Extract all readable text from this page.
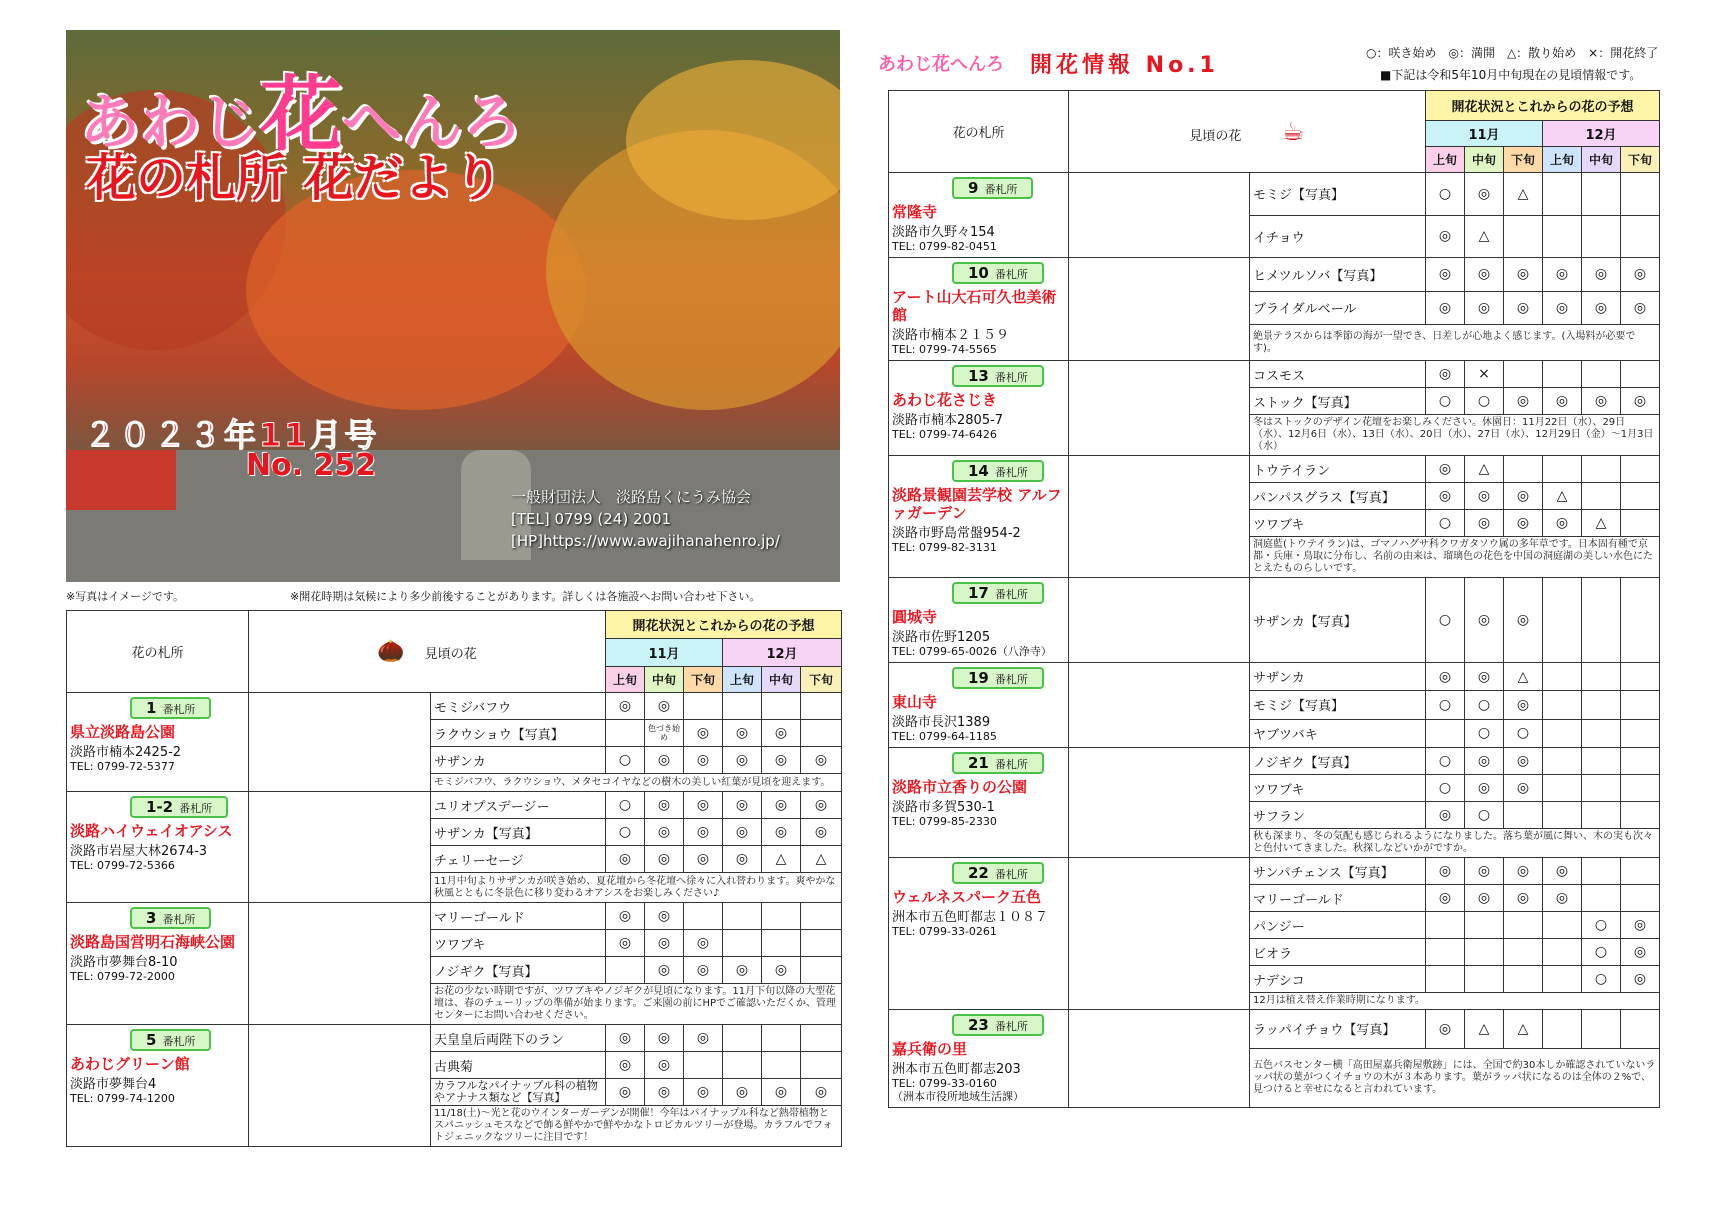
あわじ花へんろ
花の札所 花だより
２０２３年11月号
No. 252
一般財団法人　淡路島くにうみ協会
[TEL] 0799 (24) 2001
[HP]https://www.awajihanahenro.jp/
※写真はイメージです。	※開花時期は気候により多少前後することがあります。詳しくは各施設へお問い合わせ下さい。
花の札所	🌰 見頃の花		開花状況とこれからの花の予想					
			11月			12月		
			上旬	中旬	下旬	上旬	中旬	下旬
1 番札所
県立淡路島公園
淡路市楠本2425-2
TEL: 0799-72-5377		モミジバフウ	◎	◎				
		ラクウショウ【写真】		色づき始め	◎	◎	◎	
		サザンカ	○	◎	◎	◎	◎	◎
		モミジバフウ、ラクウショウ、メタセコイヤなどの樹木の美しい紅葉が見頃を迎えます。						
1-2 番札所
淡路ハイウェイオアシス
淡路市岩屋大林2674-3
TEL: 0799-72-5366		ユリオプスデージー	○	◎	◎	◎	◎	◎
		サザンカ【写真】	○	◎	◎	◎	◎	◎
		チェリーセージ	◎	◎	◎	◎	△	△
		11月中旬よりサザンカが咲き始め、夏花壇から冬花壇へ徐々に入れ替わります。爽やかな秋風とともに冬景色に移り変わるオアシスをお楽しみください♪						
3 番札所
淡路島国営明石海峡公園
淡路市夢舞台8-10
TEL: 0799-72-2000		マリーゴールド	◎	◎				
		ツワブキ	◎	◎	◎			
		ノジギク【写真】		◎	◎	◎	◎	
		お花の少ない時期ですが、ツワブキやノジギクが見頃になります。11月下旬以降の大型花壇は、春のチューリップの準備が始まります。ご来園の前にHPでご確認いただくか、管理センターにお問い合わせください。						
5 番札所
あわじグリーン館
淡路市夢舞台4
TEL: 0799-74-1200		天皇皇后両陛下のラン	◎	◎	◎			
		古典菊	◎	◎				
		カラフルなパイナップル科の植物やアナナス類など【写真】	◎	◎	◎	◎	◎	◎
		11/18(土)～光と花のウインターガーデンが開催！今年はパイナップル科など熱帯植物とスパニッシュモスなどで飾る鮮やかで鮮やかなトロピカルツリーが登場。カラフルでフォトジェニックなツリーに注目です！						
あわじ花へんろ 開花情報 No.1	○：咲き始め　◎：満開　△：散り始め　×：開花終了
■下記は令和5年10月中旬現在の見頃情報です。
花の札所	見頃の花 ☕		開花状況とこれからの花の予想					
			11月			12月		
			上旬	中旬	下旬	上旬	中旬	下旬
9 番札所
常隆寺
淡路市久野々154
TEL: 0799-82-0451		モミジ【写真】	○	◎	△			
		イチョウ	◎	△				
10 番札所
アート山大石可久也美術館
淡路市楠本２１５９
TEL: 0799-74-5565		ヒメツルソバ【写真】	◎	◎	◎	◎	◎	◎
		ブライダルベール	◎	◎	◎	◎	◎	◎
		絶景テラスからは季節の海が一望でき、日差しが心地よく感じます。(入場料が必要です)。						
13 番札所
あわじ花さじき
淡路市楠本2805-7
TEL: 0799-74-6426		コスモス	◎	×				
		ストック【写真】	○	○	◎	◎	◎	◎
		冬はストックのデザイン花壇をお楽しみください。休園日：11月22日（水）、29日（水）、12月6日（水）、13日（水）、20日（水）、27日（水）、12月29日（金）～1月3日（水）						
14 番札所
淡路景観園芸学校 アルファガーデン
淡路市野島常盤954-2
TEL: 0799-82-3131		トウテイラン	◎	△				
		パンパスグラス【写真】	◎	◎	◎	△		
		ツワブキ	○	◎	◎	◎	△	
		洞庭藍(トウテイラン)は、ゴマノハグサ科クワガタソウ属の多年草です。日本固有種で京都・兵庫・鳥取に分布し、名前の由来は、瑠璃色の花色を中国の洞庭湖の美しい水色にたとえたものらしいです。						
17 番札所
圓城寺
淡路市佐野1205
TEL: 0799-65-0026（八浄寺）		サザンカ【写真】	○	◎	◎			
19 番札所
東山寺
淡路市長沢1389
TEL: 0799-64-1185		サザンカ	◎	◎	△			
		モミジ【写真】	○	○	◎			
		ヤブツバキ		○	○			
21 番札所
淡路市立香りの公園
淡路市多賀530-1
TEL: 0799-85-2330		ノジギク【写真】	○	◎	◎			
		ツワブキ	○	◎	◎			
		サフラン	◎	○				
		秋も深まり、冬の気配も感じられるようになりました。落ち葉が風に舞い、木の実も次々と色付いてきました。秋探しなどいかがですか。						
22 番札所
ウェルネスパーク五色
洲本市五色町都志１０８７
TEL: 0799-33-0261		サンパチェンス【写真】	◎	◎	◎	◎		
		マリーゴールド	◎	◎	◎	◎		
		パンジー					○	◎
		ビオラ					○	◎
		ナデシコ					○	◎
		12月は植え替え作業時期になります。						
23 番札所
嘉兵衛の里
洲本市五色町都志203
TEL: 0799-33-0160
（洲本市役所地域生活課）		ラッパイチョウ【写真】	◎	△	△			
		五色バスセンター横「高田屋嘉兵衛屋敷跡」には、全国で約30本しか確認されていないラッパ状の葉がつくイチョウの木が３本あります。葉がラッパ状になるのは全体の２%で、見つけると幸せになると言われています。						
